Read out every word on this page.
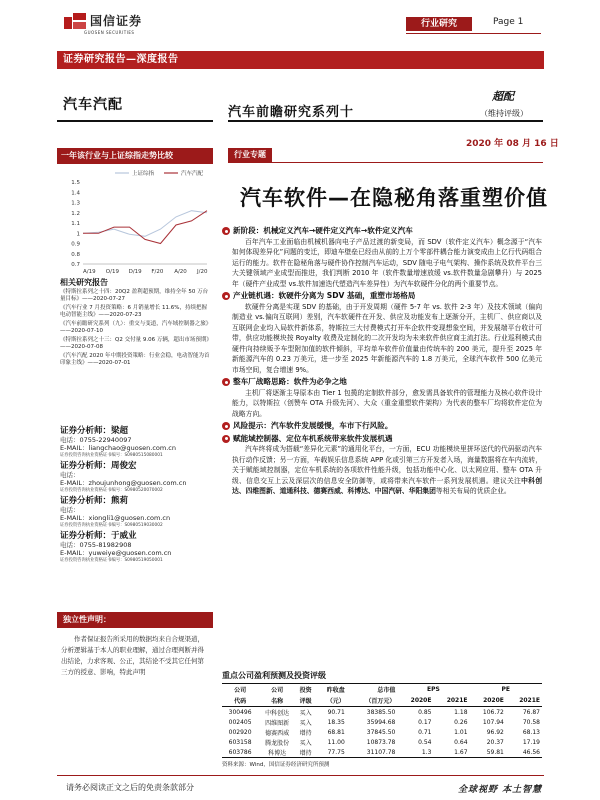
国信证券
GUOSEN SECURITIES
行业研究	Page 1
证券研究报告—深度报告
汽车汽配	汽车前瞻研究系列十
超配
（维持评级）
2020 年 08 月 16 日
一年该行业与上证综指走势比较
上证综指	汽车汽配
1.5
1.4
1.3
1.2
1.1
1
0.9
0.8
0.7
A/19 O/19 D/19 F/20 A/20 J/20
行业专题
汽车软件—在隐秘角落重塑价值
相关研究报告
《特斯拉系列之十四：20Q2 盈利超预期，维持全年 50 万台量目标》——2020-07-27
《汽车行业 7 月投资策略：6 月销量增长 11.6%，持续把握电动智能主线》——2020-07-23
《汽车前瞻研究系列（九）：重交与变道，汽车域控制器之旅》——2020-07-10
《特斯拉系列之十三：Q2 交付量 9.06 万辆，超出市场预期》——2020-07-08
《汽车汽配 2020 年中期投资策略：行业会稳，电动智能为首印象主线》——2020-07-01
证券分析师：梁超
电话：0755-22940097
E-MAIL：liangchao@guosen.com.cn
证券投资咨询执业资格证书编号：S0980515080001
证券分析师：周俊宏
电话：
E-MAIL：zhoujunhong@guosen.com.cn
证券投资咨询执业资格证书编号：S0980520070002
证券分析师：熊莉
电话：
E-MAIL：xiongli1@guosen.com.cn
证券投资咨询执业资格证书编号：S0980519030002
证券分析师：于威业
电话：0755-81982908
E-MAIL：yuweiye@guosen.com.cn
证券投资咨询执业资格证书编号：S0980519050001
新阶段：机械定义汽车→硬件定义汽车→软件定义汽车
百年汽车工业面临由机械机器向电子产品过渡的新变局，而 SDV（软件定义汽车）概念源于“汽车如何体现差异化”问题的变迁，即迪车壁垒已经由从前的上万个零部件耦合能力演变成由上亿行代码组合运行的能力。软件在隐秘角落与硬件协作控制汽车运动，SDV 随电子电气架构、操作系统及软件平台三大关键领域产业成型而推进，我们判断 2010 年（软件数量增速放缓 vs.软件数量急剧攀升）与 2025 年（硬件产业成型 vs.软件加速迭代塑造汽车差异性）为汽车软硬件分化的两个重要节点。
产业链机遇：软硬件分离为 SDV 基础，重塑市场格局
软硬件分离是实现 SDV 的基础，由于开发周期（硬件 5-7 年 vs. 软件 2-3 年）及技术领域（偏向制造业 vs.偏向互联网）差别，汽车软硬件在开发、供应及功能发布上逐渐分开，主机厂、供应商以及互联网企业均入局软件新体系，特斯拉三大付费模式打开车企软件变现想象空间，并发展端平台收计可带，供应功能模块按 Royalty 收费及定制化的二次开发均为未来软件供应商主流打法。行业巡利模式由硬件向持续贩予车型附加值的软件倾斜，平均单车软件价值量由传统车的 200 美元，提升至 2025 年新能源汽车的 0.23 万美元，进一步至 2025 年新能源汽车的 1.8 万美元，全球汽车软件 500 亿美元市场空间，复合增速 9%。
整车厂战略思路：软件为必争之地
主机厂将逐渐主导原本由 Tier 1 包揽的定制软件部分，愈发需具备软件的管理能力及核心软件设计能力，以特斯拉（创赞车 OTA 升级先河）、大众（重金重塑软件架构）为代表的整车厂均将软件定位为战略方向。
风险提示：汽车软件发展缓慢，车市下行风险。
赋能域控制器、定位车机系统带来软件发展机遇
汽车终将成为搭载“差异化元素”的通用化平台，一方面，ECU 功能模块里拼环送代的代码驱动汽车执行动作反馈；另一方面，车载娱乐信息系统 APP 化或引第三方开发者入场，海量数据将在车内流转，关于赋能域控制器，定位车机系统的各项软件性能升级，包括功能中心化、以太网应用、整车 OTA 升级、信息交互上云及深层次的信息安全防御等，或将带来汽车软件一系列发展机遇。建议关注中科创达、四维图新、道通科技、德赛西威、科博达、中国汽研、华阳集团等相关布局的优质企业。
独立性声明：
作者保证报告所采用的数据均来自合规渠道，分析逻辑基于本人的职业理解，通过合理判断并得出结论，力求客观、公正，其结论不受其它任何第三方的授意、影响，特此声明	重点公司盈利预测及投资评级
公司	公司	投资	昨收盘	总市值	EPS		PE	
代码	名称	评级	（元）	（百万元）	2020E	2021E	2020E	2021E
300496	中科创达	买入	90.71	38385.50	0.85	1.18	106.72	76.87
002405	四维图新	买入	18.35	35994.68	0.17	0.26	107.94	70.58
002920	德赛西威	增持	68.81	37845.50	0.71	1.01	96.92	68.13
603158	腾龙股份	买入	11.00	10873.78	0.54	0.64	20.37	17.19
603786	科博达	增持	77.75	31107.78	1.3	1.67	59.81	46.56
资料来源：Wind，国信证券经济研究所预测
请务必阅读正文之后的免责条款部分	全球视野 本土智慧
